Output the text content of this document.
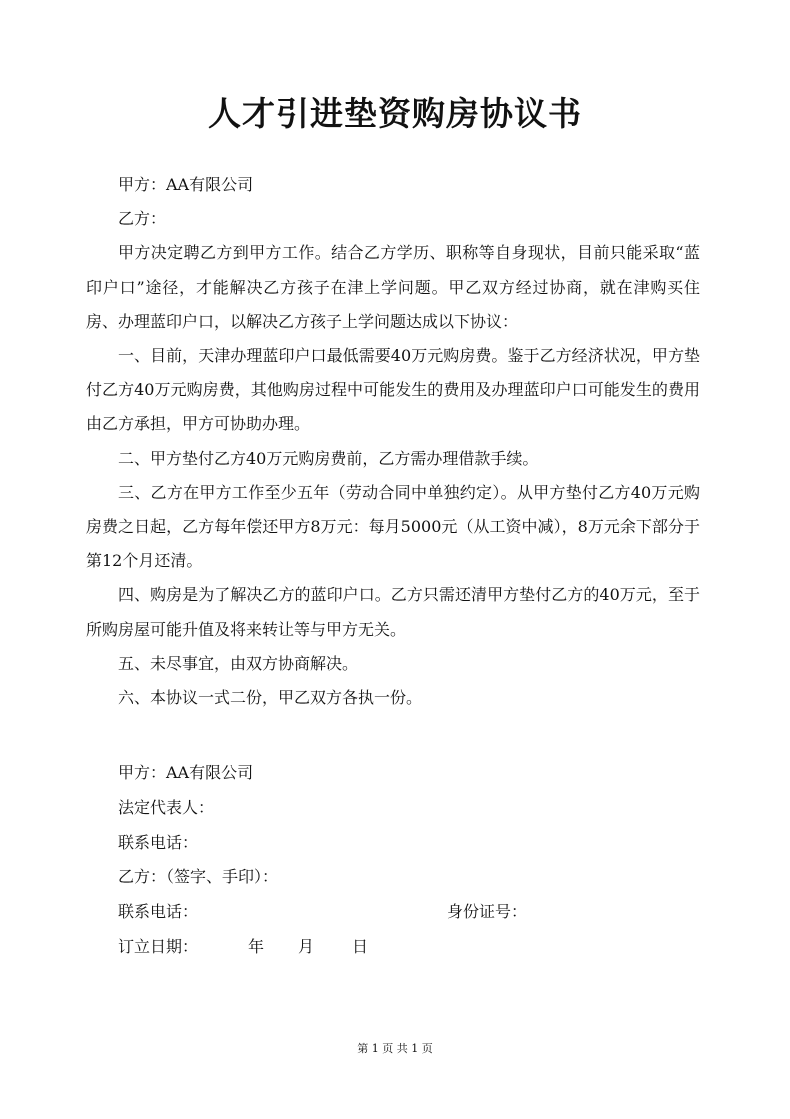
人才引进垫资购房协议书

甲方：AA有限公司

乙方：

甲方决定聘乙方到甲方工作。结合乙方学历、职称等自身现状，目前只能采取“蓝印户口”途径，才能解决乙方孩子在津上学问题。甲乙双方经过协商，就在津购买住房、办理蓝印户口，以解决乙方孩子上学问题达成以下协议：

一、目前，天津办理蓝印户口最低需要40万元购房费。鉴于乙方经济状况，甲方垫付乙方40万元购房费，其他购房过程中可能发生的费用及办理蓝印户口可能发生的费用由乙方承担，甲方可协助办理。

二、甲方垫付乙方40万元购房费前，乙方需办理借款手续。

三、乙方在甲方工作至少五年（劳动合同中单独约定）。从甲方垫付乙方40万元购房费之日起，乙方每年偿还甲方8万元：每月5000元（从工资中减），8万元余下部分于第12个月还清。

四、购房是为了解决乙方的蓝印户口。乙方只需还清甲方垫付乙方的40万元，至于所购房屋可能升值及将来转让等与甲方无关。

五、未尽事宜，由双方协商解决。

六、本协议一式二份，甲乙双方各执一份。

甲方：AA有限公司
法定代表人：
联系电话：
乙方：（签字、手印）：
联系电话：	身份证号：
订立日期：	年 月 日
第 1 页 共 1 页
